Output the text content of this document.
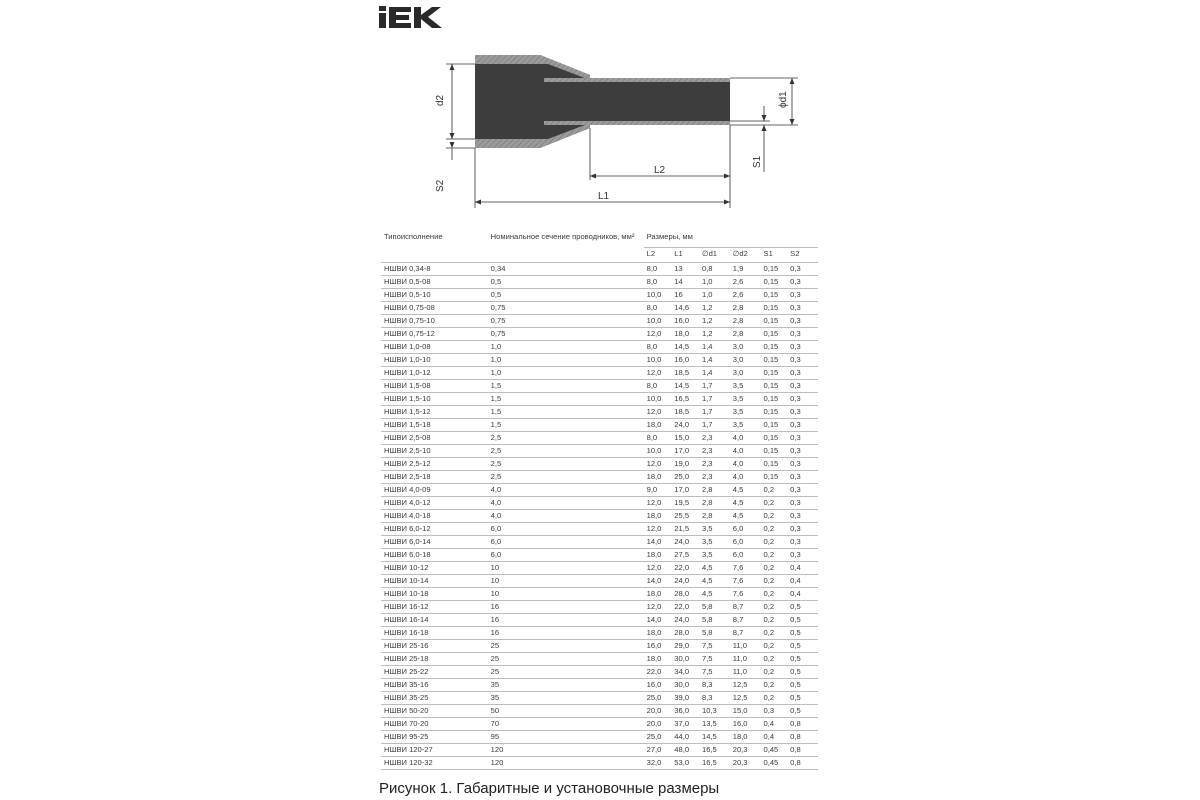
d2
S2
L1
L2
ϕd1
S1
Типоисполнение	Номинальное сечение проводников, мм²	Размеры, мм					
		L2	L1	∅d1	∅d2	S1	S2
НШВИ 0,34-8	0,34	8,0	13	0,8	1,9	0,15	0,3
НШВИ 0,5-08	0,5	8,0	14	1,0	2,6	0,15	0,3
НШВИ 0,5-10	0,5	10,0	16	1,0	2,6	0,15	0,3
НШВИ 0,75-08	0,75	8,0	14,6	1,2	2,8	0,15	0,3
НШВИ 0,75-10	0,75	10,0	16,0	1,2	2,8	0,15	0,3
НШВИ 0,75-12	0,75	12,0	18,0	1,2	2,8	0,15	0,3
НШВИ 1,0-08	1,0	8,0	14,5	1,4	3,0	0,15	0,3
НШВИ 1,0-10	1,0	10,0	16,0	1,4	3,0	0,15	0,3
НШВИ 1,0-12	1,0	12,0	18,5	1,4	3,0	0,15	0,3
НШВИ 1,5-08	1,5	8,0	14,5	1,7	3,5	0,15	0,3
НШВИ 1,5-10	1,5	10,0	16,5	1,7	3,5	0,15	0,3
НШВИ 1,5-12	1,5	12,0	18,5	1,7	3,5	0,15	0,3
НШВИ 1,5-18	1,5	18,0	24,0	1,7	3,5	0,15	0,3
НШВИ 2,5-08	2,5	8,0	15,0	2,3	4,0	0,15	0,3
НШВИ 2,5-10	2,5	10,0	17,0	2,3	4,0	0,15	0,3
НШВИ 2,5-12	2,5	12,0	19,0	2,3	4,0	0,15	0,3
НШВИ 2,5-18	2,5	18,0	25,0	2,3	4,0	0,15	0,3
НШВИ 4,0-09	4,0	9,0	17,0	2,8	4,5	0,2	0,3
НШВИ 4,0-12	4,0	12,0	19,5	2,8	4,5	0,2	0,3
НШВИ 4,0-18	4,0	18,0	25,5	2,8	4,5	0,2	0,3
НШВИ 6,0-12	6,0	12,0	21,5	3,5	6,0	0,2	0,3
НШВИ 6,0-14	6,0	14,0	24,0	3,5	6,0	0,2	0,3
НШВИ 6,0-18	6,0	18,0	27,5	3,5	6,0	0,2	0,3
НШВИ 10-12	10	12,0	22,0	4,5	7,6	0,2	0,4
НШВИ 10-14	10	14,0	24,0	4,5	7,6	0,2	0,4
НШВИ 10-18	10	18,0	28,0	4,5	7,6	0,2	0,4
НШВИ 16-12	16	12,0	22,0	5,8	8,7	0,2	0,5
НШВИ 16-14	16	14,0	24,0	5,8	8,7	0,2	0,5
НШВИ 16-18	16	18,0	28,0	5,8	8,7	0,2	0,5
НШВИ 25-16	25	16,0	29,0	7,5	11,0	0,2	0,5
НШВИ 25-18	25	18,0	30,0	7,5	11,0	0,2	0,5
НШВИ 25-22	25	22,0	34,0	7,5	11,0	0,2	0,5
НШВИ 35-16	35	16,0	30,0	8,3	12,5	0,2	0,5
НШВИ 35-25	35	25,0	39,0	8,3	12,5	0,2	0,5
НШВИ 50-20	50	20,0	36,0	10,3	15,0	0,3	0,5
НШВИ 70-20	70	20,0	37,0	13,5	16,0	0,4	0,8
НШВИ 95-25	95	25,0	44,0	14,5	18,0	0,4	0,8
НШВИ 120-27	120	27,0	48,0	16,5	20,3	0,45	0,8
НШВИ 120-32	120	32,0	53,0	16,5	20,3	0,45	0,8
Рисунок 1. Габаритные и установочные размеры
